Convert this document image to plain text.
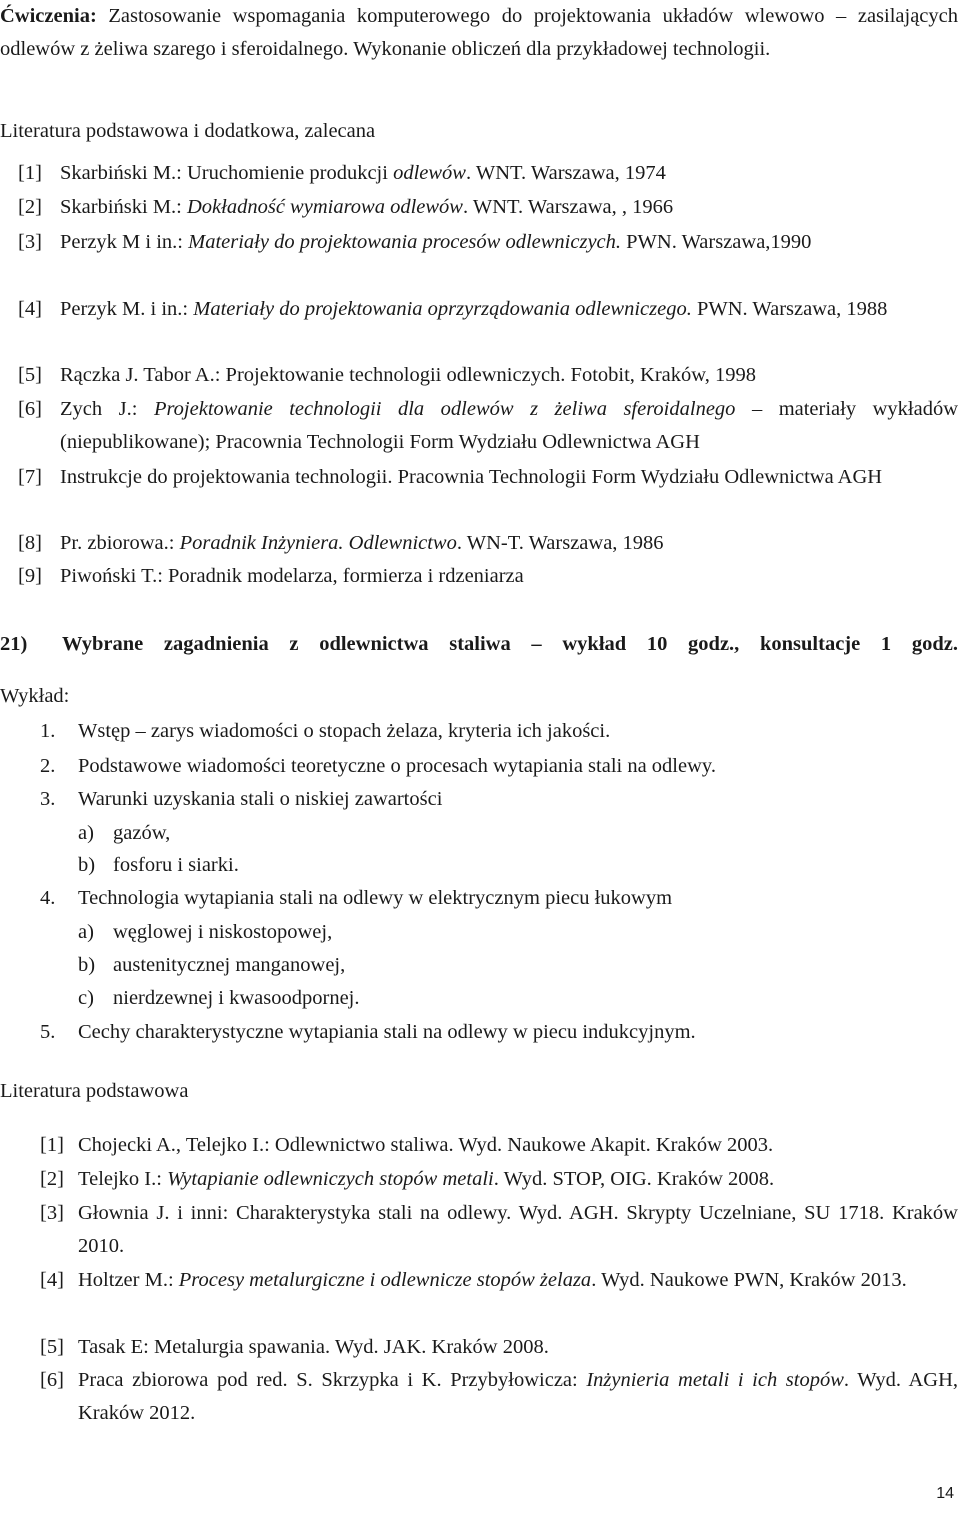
Ćwiczenia: Zastosowanie wspomagania komputerowego do projektowania układów wlewowo – zasilających odlewów z żeliwa szarego i sferoidalnego. Wykonanie obliczeń dla przykładowej technologii.

Literatura podstawowa i dodatkowa, zalecana

[1] Skarbiński M.: Uruchomienie produkcji odlewów. WNT. Warszawa, 1974
[2] Skarbiński M.: Dokładność wymiarowa odlewów. WNT. Warszawa, , 1966
[3] Perzyk M i in.: Materiały do projektowania procesów odlewniczych. PWN. Warszawa,1990
[4] Perzyk M. i in.: Materiały do projektowania oprzyrządowania odlewniczego. PWN. Warszawa, 1988
[5] Rączka J. Tabor A.: Projektowanie technologii odlewniczych. Fotobit, Kraków, 1998
[6] Zych J.: Projektowanie technologii dla odlewów z żeliwa sferoidalnego – materiały wykładów (niepublikowane); Pracownia Technologii Form Wydziału Odlewnictwa AGH
[7] Instrukcje do projektowania technologii. Pracownia Technologii Form Wydziału Odlewnictwa AGH
[8] Pr. zbiorowa.: Poradnik Inżyniera. Odlewnictwo. WN-T. Warszawa, 1986
[9] Piwoński T.: Poradnik modelarza, formierza i rdzeniarza
21)	Wybrane zagadnienia z odlewnictwa staliwa – wykład 10 godz., konsultacje 1 godz.

Wykład:

1.	Wstęp – zarys wiadomości o stopach żelaza, kryteria ich jakości.
2.	Podstawowe wiadomości teoretyczne o procesach wytapiania stali na odlewy.
3.	Warunki uzyskania stali o niskiej zawartości
a) gazów,
b) fosforu i siarki.
4.	Technologia wytapiania stali na odlewy w elektrycznym piecu łukowym
a) węglowej i niskostopowej,
b) austenitycznej manganowej,
c) nierdzewnej i kwasoodpornej.
5.	Cechy charakterystyczne wytapiania stali na odlewy w piecu indukcyjnym.

Literatura podstawowa

[1] Chojecki A., Telejko I.: Odlewnictwo staliwa. Wyd. Naukowe Akapit. Kraków 2003.
[2] Telejko I.: Wytapianie odlewniczych stopów metali. Wyd. STOP, OIG. Kraków 2008.
[3] Głownia J. i inni: Charakterystyka stali na odlewy. Wyd. AGH. Skrypty Uczelniane, SU 1718. Kraków 2010.
[4] Holtzer M.: Procesy metalurgiczne i odlewnicze stopów żelaza. Wyd. Naukowe PWN, Kraków 2013.
[5] Tasak E: Metalurgia spawania. Wyd. JAK. Kraków 2008.
[6] Praca zbiorowa pod red. S. Skrzypka i K. Przybyłowicza: Inżynieria metali i ich stopów. Wyd. AGH, Kraków 2012.
14
